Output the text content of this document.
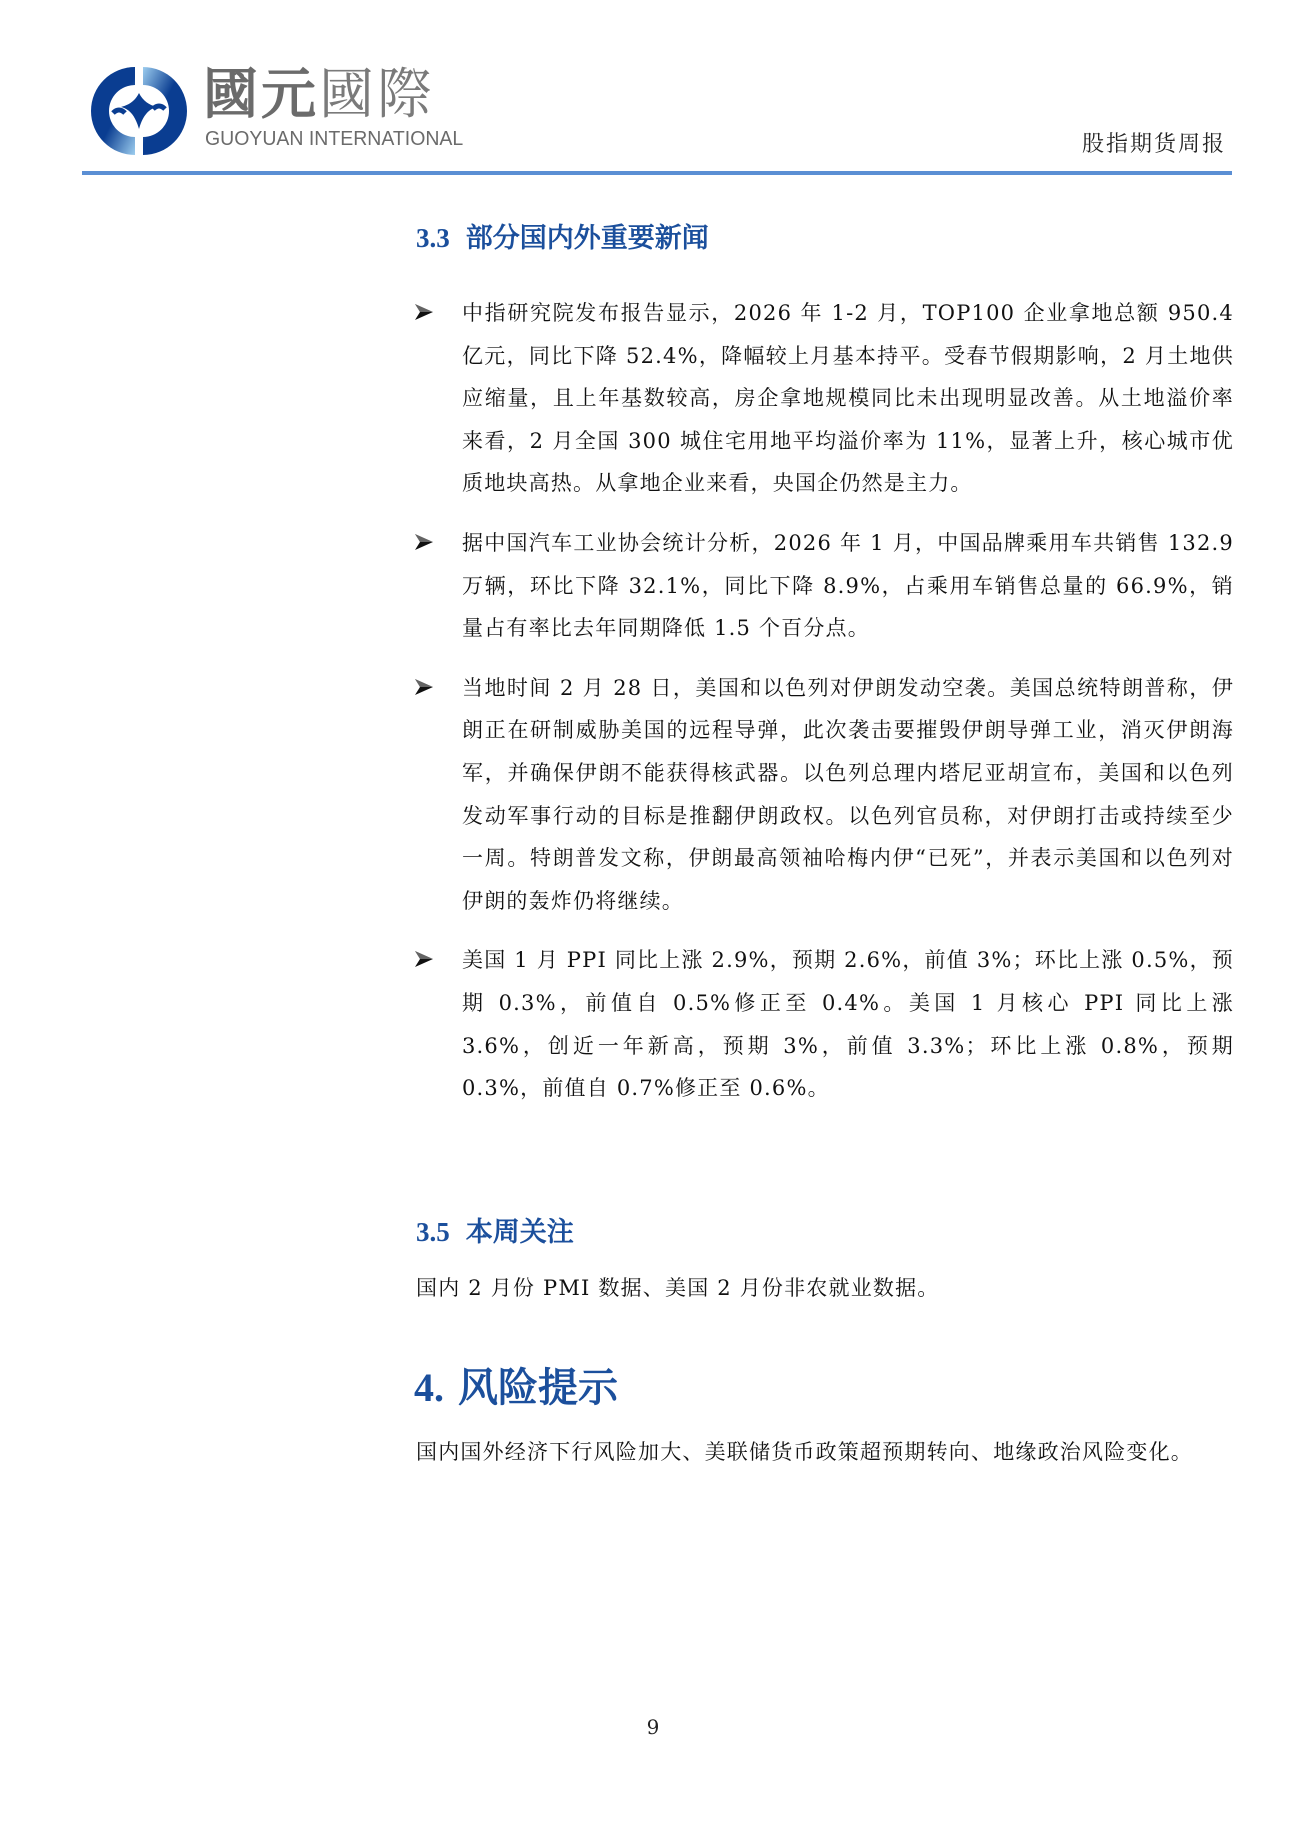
國元國際
GUOYUAN INTERNATIONAL	股指期货周报
3.3 部分国内外重要新闻
中指研究院发布报告显示，2026 年 1-2 月，TOP100 企业拿地总额 950.4 亿元，同比下降 52.4%，降幅较上月基本持平。受春节假期影响，2 月土地供应缩量，且上年基数较高，房企拿地规模同比未出现明显改善。从土地溢价率来看，2 月全国 300 城住宅用地平均溢价率为 11%，显著上升，核心城市优质地块高热。从拿地企业来看，央国企仍然是主力。
据中国汽车工业协会统计分析，2026 年 1 月，中国品牌乘用车共销售 132.9 万辆，环比下降 32.1%，同比下降 8.9%，占乘用车销售总量的 66.9%，销量占有率比去年同期降低 1.5 个百分点。
当地时间 2 月 28 日，美国和以色列对伊朗发动空袭。美国总统特朗普称，伊朗正在研制威胁美国的远程导弹，此次袭击要摧毁伊朗导弹工业，消灭伊朗海军，并确保伊朗不能获得核武器。以色列总理内塔尼亚胡宣布，美国和以色列发动军事行动的目标是推翻伊朗政权。以色列官员称，对伊朗打击或持续至少一周。特朗普发文称，伊朗最高领袖哈梅内伊“已死”，并表示美国和以色列对伊朗的轰炸仍将继续。
美国 1 月 PPI 同比上涨 2.9%，预期 2.6%，前值 3%；环比上涨 0.5%，预期 0.3%，前值自 0.5%修正至 0.4%。美国 1 月核心 PPI 同比上涨 3.6%，创近一年新高，预期 3%，前值 3.3%；环比上涨 0.8%，预期 0.3%，前值自 0.7%修正至 0.6%。
3.5 本周关注
国内 2 月份 PMI 数据、美国 2 月份非农就业数据。
4. 风险提示
国内国外经济下行风险加大、美联储货币政策超预期转向、地缘政治风险变化。
9
